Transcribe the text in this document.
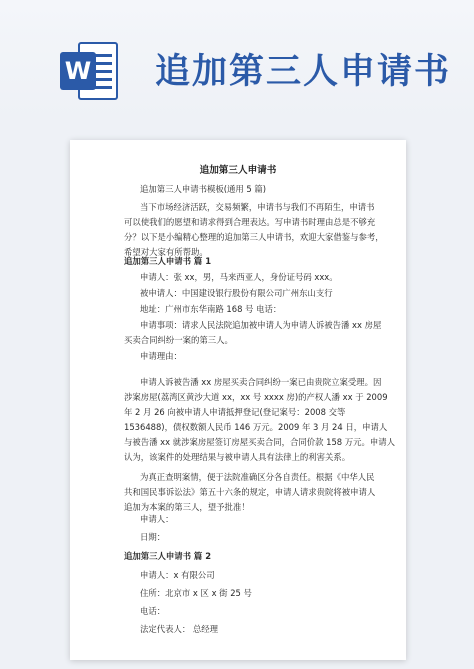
W 追加第三人申请书
追加第三人申请书
追加第三人申请书模板(通用 5 篇)
当下市场经济活跃，交易频繁，申请书与我们不再陌生，申请书
可以使我们的愿望和请求得到合理表达。写申请书时理由总是不够充
分？以下是小编精心整理的追加第三人申请书，欢迎大家借鉴与参考，
希望对大家有所帮助。
追加第三人申请书 篇 1
申请人：张 xx，男，马来西亚人，身份证号码 xxx。
被申请人：中国建设银行股份有限公司广州东山支行
地址：广州市东华南路 168 号 电话：
申请事项：请求人民法院追加被申请人为申请人诉被告潘 xx 房屋
买卖合同纠纷一案的第三人。
申请理由：
申请人诉被告潘 xx 房屋买卖合同纠纷一案已由贵院立案受理。因
涉案房屋(荔湾区黄沙大道 xx，xx 号 xxxx 房)的产权人潘 xx 于 2009
年 2 月 26 向被申请人申请抵押登记(登记案号：2008 交等
1536488)，债权数额人民币 146 万元。2009 年 3 月 24 日，申请人
与被告潘 xx 就涉案房屋签订房屋买卖合同，合同价款 158 万元。申请人
认为，该案件的处理结果与被申请人具有法律上的利害关系。
为真正查明案情，便于法院准确区分各自责任。根据《中华人民
共和国民事诉讼法》第五十六条的规定，申请人请求贵院将被申请人
追加为本案的第三人，望予批准！
申请人：
日期：
追加第三人申请书 篇 2
申请人：x 有限公司
住所：北京市 x 区 x 街 25 号
电话：
法定代表人： 总经理
